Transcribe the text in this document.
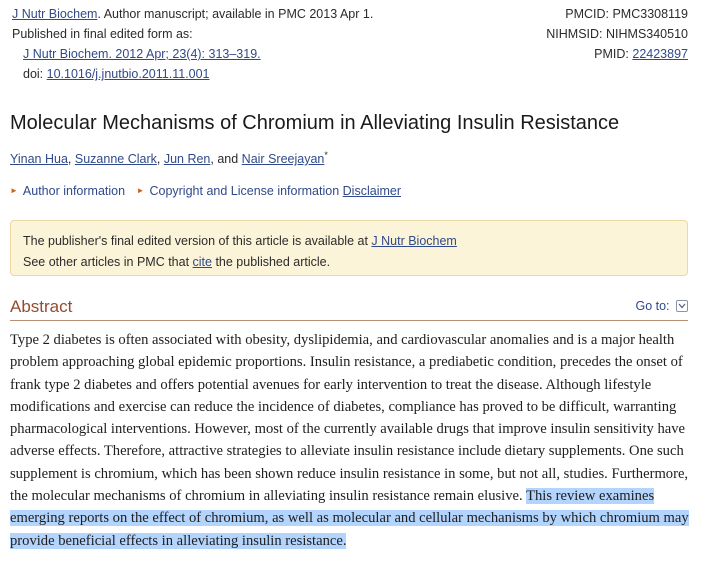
J Nutr Biochem. Author manuscript; available in PMC 2013 Apr 1.	PMCID: PMC3308119
Published in final edited form as:	NIHMSID: NIHMS340510
J Nutr Biochem. 2012 Apr; 23(4): 313–319.	PMID: 22423897
doi: 10.1016/j.jnutbio.2011.11.001
Molecular Mechanisms of Chromium in Alleviating Insulin Resistance
Yinan Hua, Suzanne Clark, Jun Ren, and Nair Sreejayan*
► Author information ► Copyright and License information Disclaimer
The publisher's final edited version of this article is available at J Nutr Biochem
See other articles in PMC that cite the published article.
Abstract	Go to:

Type 2 diabetes is often associated with obesity, dyslipidemia, and cardiovascular anomalies and is a major health problem approaching global epidemic proportions. Insulin resistance, a prediabetic condition, precedes the onset of frank type 2 diabetes and offers potential avenues for early intervention to treat the disease. Although lifestyle modifications and exercise can reduce the incidence of diabetes, compliance has proved to be difficult, warranting pharmacological interventions. However, most of the currently available drugs that improve insulin sensitivity have adverse effects. Therefore, attractive strategies to alleviate insulin resistance include dietary supplements. One such supplement is chromium, which has been shown reduce insulin resistance in some, but not all, studies. Furthermore, the molecular mechanisms of chromium in alleviating insulin resistance remain elusive. This review examines emerging reports on the effect of chromium, as well as molecular and cellular mechanisms by which chromium may provide beneficial effects in alleviating insulin resistance.
